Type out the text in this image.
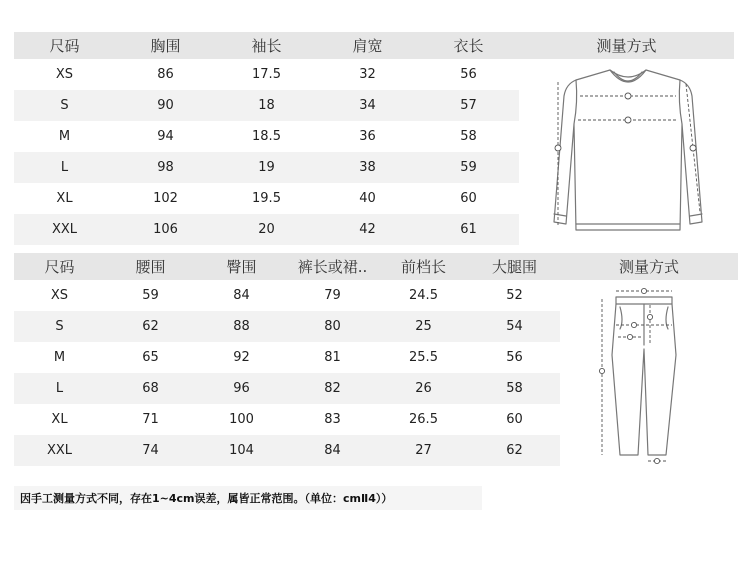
尺码	胸围	袖长	肩宽	衣长
XS	86	17.5	32	56
S	90	18	34	57
M	94	18.5	36	58
L	98	19	38	59
XL	102	19.5	40	60
XXL	106	20	42	61
测量方式
尺码	腰围	臀围	裤长或裙..	前档长	大腿围
XS	59	84	79	24.5	52
S	62	88	80	25	54
M	65	92	81	25.5	56
L	68	96	82	26	58
XL	71	100	83	26.5	60
XXL	74	104	84	27	62
测量方式
因手工测量方式不同，存在1~4cm误差，属皆正常范围。（单位：cmⅡ4））
